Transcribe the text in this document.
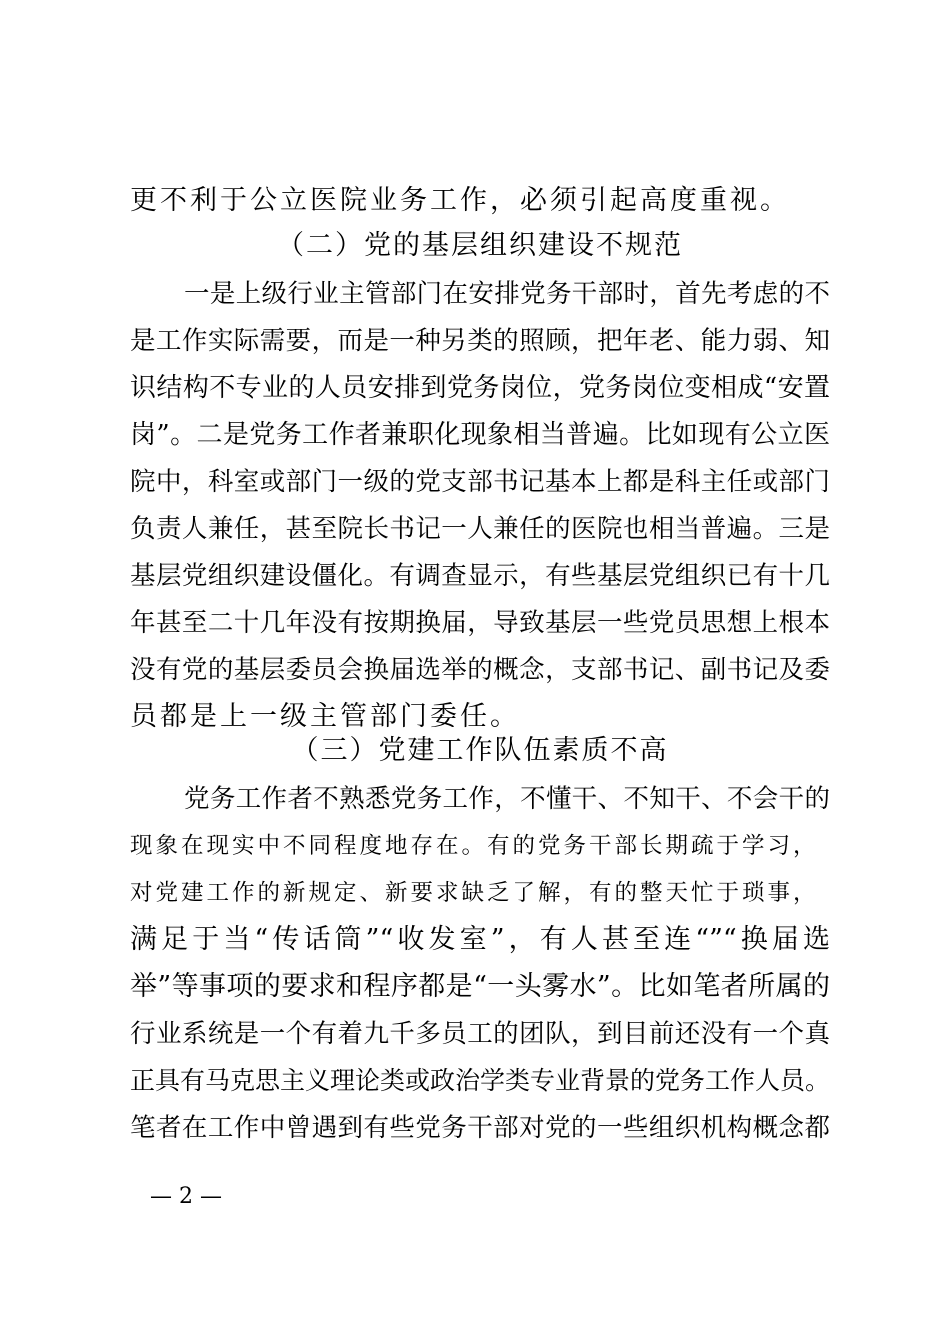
更不利于公立医院业务工作，必须引起高度重视。
（二）党的基层组织建设不规范
一是上级行业主管部门在安排党务干部时，首先考虑的不
是工作实际需要，而是一种另类的照顾，把年老、能力弱、知
识结构不专业的人员安排到党务岗位，党务岗位变相成“安置
岗”。二是党务工作者兼职化现象相当普遍。比如现有公立医
院中，科室或部门一级的党支部书记基本上都是科主任或部门
负责人兼任，甚至院长书记一人兼任的医院也相当普遍。三是
基层党组织建设僵化。有调查显示，有些基层党组织已有十几
年甚至二十几年没有按期换届，导致基层一些党员思想上根本
没有党的基层委员会换届选举的概念，支部书记、副书记及委
员都是上一级主管部门委任。
（三）党建工作队伍素质不高
党务工作者不熟悉党务工作，不懂干、不知干、不会干的
现象在现实中不同程度地存在。有的党务干部长期疏于学习，
对党建工作的新规定、新要求缺乏了解，有的整天忙于琐事，
满足于当“传话筒”“收发室”，有人甚至连“”“换届选
举”等事项的要求和程序都是“一头雾水”。比如笔者所属的
行业系统是一个有着九千多员工的团队，到目前还没有一个真
正具有马克思主义理论类或政治学类专业背景的党务工作人员。
笔者在工作中曾遇到有些党务干部对党的一些组织机构概念都
— 2 —
